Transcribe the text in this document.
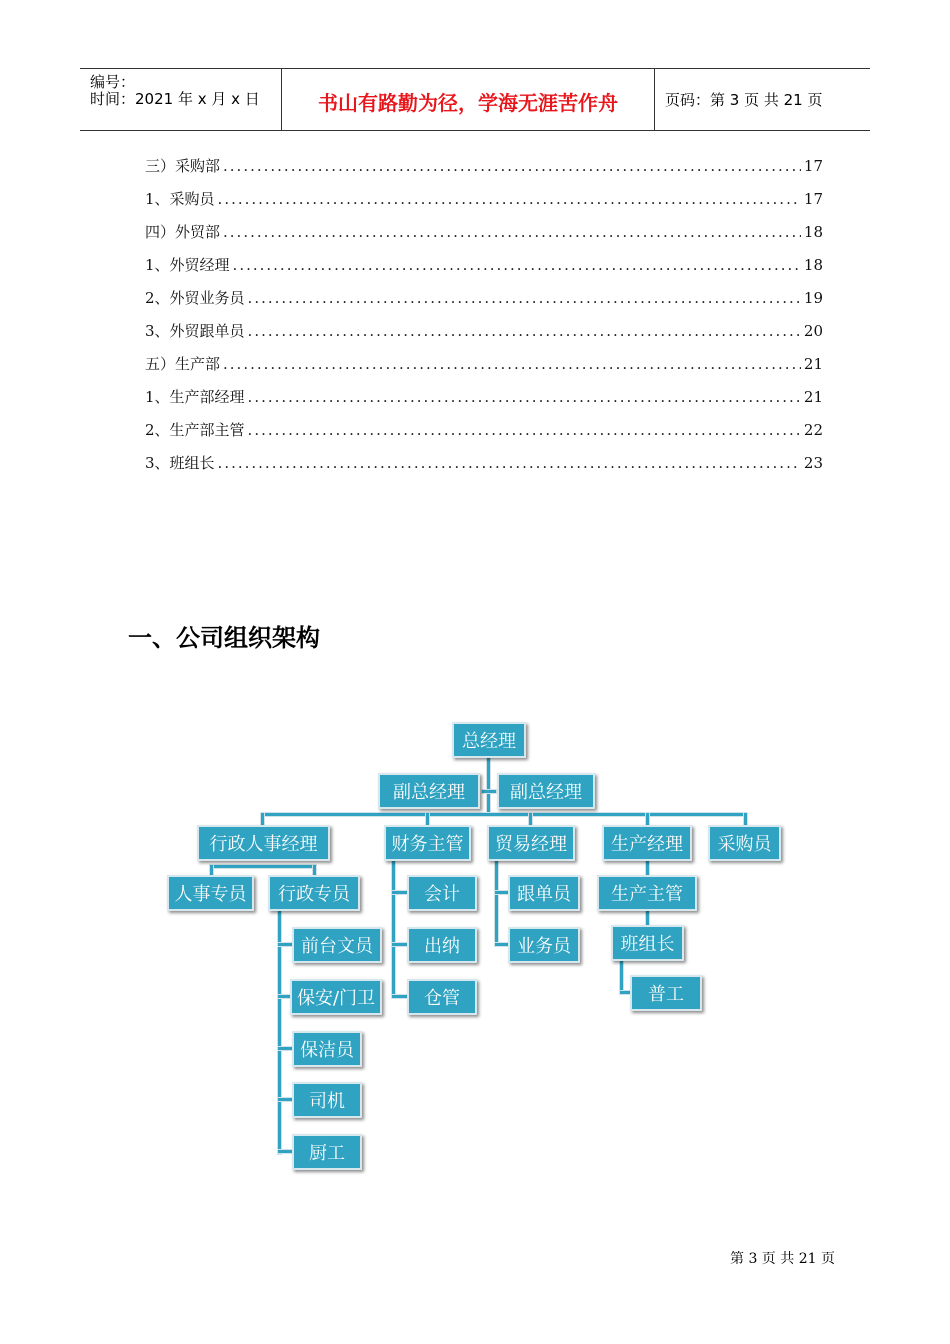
编号：
时间：2021 年 x 月 x 日	书山有路勤为径，学海无涯苦作舟	页码：第 3 页 共 21 页
三）采购部 .....	17
1、采购员 .....	17
四）外贸部 .....	18
1、外贸经理 .....	18
2、外贸业务员 .....	19
3、外贸跟单员 .....	20
五）生产部 .....	21
1、生产部经理 .....	21
2、生产部主管 .....	22
3、班组长 .....	23
一、公司组织架构
总经理
副总经理	副总经理
行政人事经理	财务主管	贸易经理	生产经理	采购员
人事专员	行政专员
前台文员
保安/门卫
保洁员
司机
厨工
会计
出纳
仓管
跟单员
业务员
生产主管
班组长
普工
第 3 页 共 21 页
